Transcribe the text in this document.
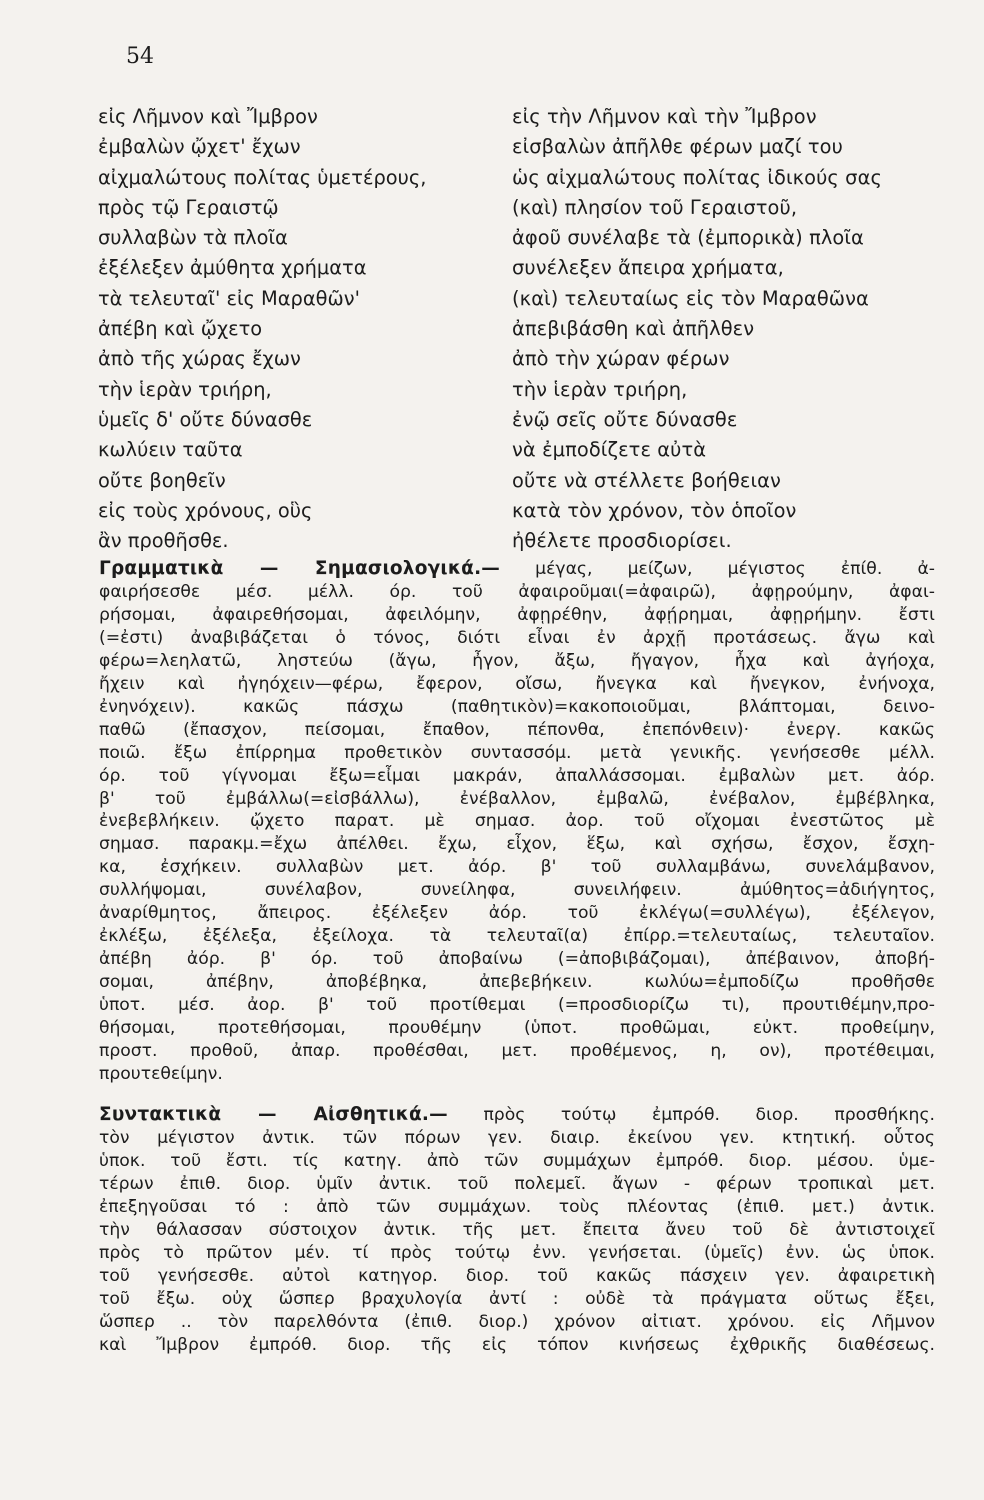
54
εἰς Λῆμνον καὶ Ἴμβρον
ἐμβαλὼν ᾤχετ' ἔχων
αἰχμαλώτους πολίτας ὑμετέρους,
πρὸς τῷ Γεραιστῷ
συλλαβὼν τὰ πλοῖα
ἐξέλεξεν ἀμύθητα χρήματα
τὰ τελευταῖ' εἰς Μαραθῶν'
ἀπέβη καὶ ᾤχετο
ἀπὸ τῆς χώρας ἔχων
τὴν ἱερὰν τριήρη,
ὑμεῖς δ' οὔτε δύνασθε
κωλύειν ταῦτα
οὔτε βοηθεῖν
εἰς τοὺς χρόνους, οὓς
ἂν προθῆσθε.
εἰς τὴν Λῆμνον καὶ τὴν Ἴμβρον
εἰσβαλὼν ἀπῆλθε φέρων μαζί του
ὡς αἰχμαλώτους πολίτας ἰδικούς σας
(καὶ) πλησίον τοῦ Γεραιστοῦ,
ἀφοῦ συνέλαβε τὰ (ἐμπορικὰ) πλοῖα
συνέλεξεν ἄπειρα χρήματα,
(καὶ) τελευταίως εἰς τὸν Μαραθῶνα
ἀπεβιβάσθη καὶ ἀπῆλθεν
ἀπὸ τὴν χώραν φέρων
τὴν ἱερὰν τριήρη,
ἐνῷ σεῖς οὔτε δύνασθε
νὰ ἐμποδίζετε αὐτὰ
οὔτε νὰ στέλλετε βοήθειαν
κατὰ τὸν χρόνον, τὸν ὁποῖον
ἠθέλετε προσδιορίσει.
Γραμματικὰ — Σημασιολογικά.— μέγας, μείζων, μέγιστος ἐπίθ. ἀ-
φαιρήσεσθε μέσ. μέλλ. όρ. τοῦ ἀφαιροῦμαι(=ἀφαιρῶ), ἀφῃρούμην, ἀφαι-
ρήσομαι, ἀφαιρεθήσομαι, ἀφειλόμην, ἀφῃρέθην, ἀφῄρημαι, ἀφῃρήμην. ἔστι
(=ἐστι) ἀναβιβάζεται ὁ τόνος, διότι εἶναι ἐν ἀρχῇ προτάσεως. ἄγω καὶ
φέρω=λεηλατῶ, ληστεύω (ἄγω, ἦγον, ἄξω, ἤγαγον, ἦχα καὶ ἀγήοχα,
ἤχειν καὶ ἠγηόχειν—φέρω, ἔφερον, οἴσω, ἤνεγκα καὶ ἤνεγκον, ἐνήνοχα,
ἐνηνόχειν). κακῶς πάσχω (παθητικὸν)=κακοποιοῦμαι, βλάπτομαι, δεινο-
παθῶ (ἔπασχον, πείσομαι, ἔπαθον, πέπονθα, ἐπεπόνθειν)· ἐνεργ. κακῶς
ποιῶ. ἔξω ἐπίρρημα προθετικὸν συντασσόμ. μετὰ γενικῆς. γενήσεσθε μέλλ.
όρ. τοῦ γίγνομαι ἔξω=εἶμαι μακράν, ἀπαλλάσσομαι. ἐμβαλὼν μετ. ἀόρ.
β' τοῦ ἐμβάλλω(=εἰσβάλλω), ἐνέβαλλον, ἐμβαλῶ, ἐνέβαλον, ἐμβέβληκα,
ἐνεβεβλήκειν. ᾤχετο παρατ. μὲ σημασ. ἀορ. τοῦ οἴχομαι ἐνεστῶτος μὲ
σημασ. παρακμ.=ἔχω ἀπέλθει. ἔχω, εἶχον, ἕξω, καὶ σχήσω, ἔσχον, ἔσχη-
κα, ἐσχήκειν. συλλαβὼν μετ. ἀόρ. β' τοῦ συλλαμβάνω, συνελάμβανον,
συλλήψομαι, συνέλαβον, συνείληφα, συνειλήφειν. ἀμύθητος=ἀδιήγητος,
ἀναρίθμητος, ἄπειρος. ἐξέλεξεν ἀόρ. τοῦ ἐκλέγω(=συλλέγω), ἐξέλεγον,
ἐκλέξω, ἐξέλεξα, ἐξείλοχα. τὰ τελευταῖ(α) ἐπίρρ.=τελευταίως, τελευταῖον.
ἀπέβη ἀόρ. β' όρ. τοῦ ἀποβαίνω (=ἀποβιβάζομαι), ἀπέβαινον, ἀποβή-
σομαι, ἀπέβην, ἀποβέβηκα, ἀπεβεβήκειν. κωλύω=ἐμποδίζω προθῆσθε
ὑποτ. μέσ. ἀορ. β' τοῦ προτίθεμαι (=προσδιορίζω τι), προυτιθέμην,προ-
θήσομαι, προτεθήσομαι, προυθέμην (ὑποτ. προθῶμαι, εὐκτ. προθείμην,
προστ. προθοῦ, ἀπαρ. προθέσθαι, μετ. προθέμενος, η, ον), προτέθειμαι,
προυτεθείμην.
Συντακτικὰ — Αἰσθητικά.— πρὸς τούτῳ ἐμπρόθ. διορ. προσθήκης.
τὸν μέγιστον ἀντικ. τῶν πόρων γεν. διαιρ. ἐκείνου γεν. κτητική. οὗτος
ὑποκ. τοῦ ἔστι. τίς κατηγ. ἀπὸ τῶν συμμάχων ἐμπρόθ. διορ. μέσου. ὑμε-
τέρων ἐπιθ. διορ. ὑμῖν ἀντικ. τοῦ πολεμεῖ. ἄγων - φέρων τροπικαὶ μετ.
ἐπεξηγοῦσαι τό : ἀπὸ τῶν συμμάχων. τοὺς πλέοντας (ἐπιθ. μετ.) ἀντικ.
τὴν θάλασσαν σύστοιχον ἀντικ. τῆς μετ. ἔπειτα ἄνευ τοῦ δὲ ἀντιστοιχεῖ
πρὸς τὸ πρῶτον μέν. τί πρὸς τούτῳ ἐνν. γενήσεται. (ὑμεῖς) ἐνν. ὡς ὑποκ.
τοῦ γενήσεσθε. αὐτοὶ κατηγορ. διορ. τοῦ κακῶς πάσχειν γεν. ἀφαιρετικὴ
τοῦ ἔξω. οὐχ ὥσπερ βραχυλογία ἀντί : οὐδὲ τὰ πράγματα οὕτως ἔξει,
ὥσπερ .. τὸν παρελθόντα (ἐπιθ. διορ.) χρόνον αἰτιατ. χρόνου. εἰς Λῆμνον
καὶ Ἴμβρον ἐμπρόθ. διορ. τῆς εἰς τόπον κινήσεως ἐχθρικῆς διαθέσεως.
